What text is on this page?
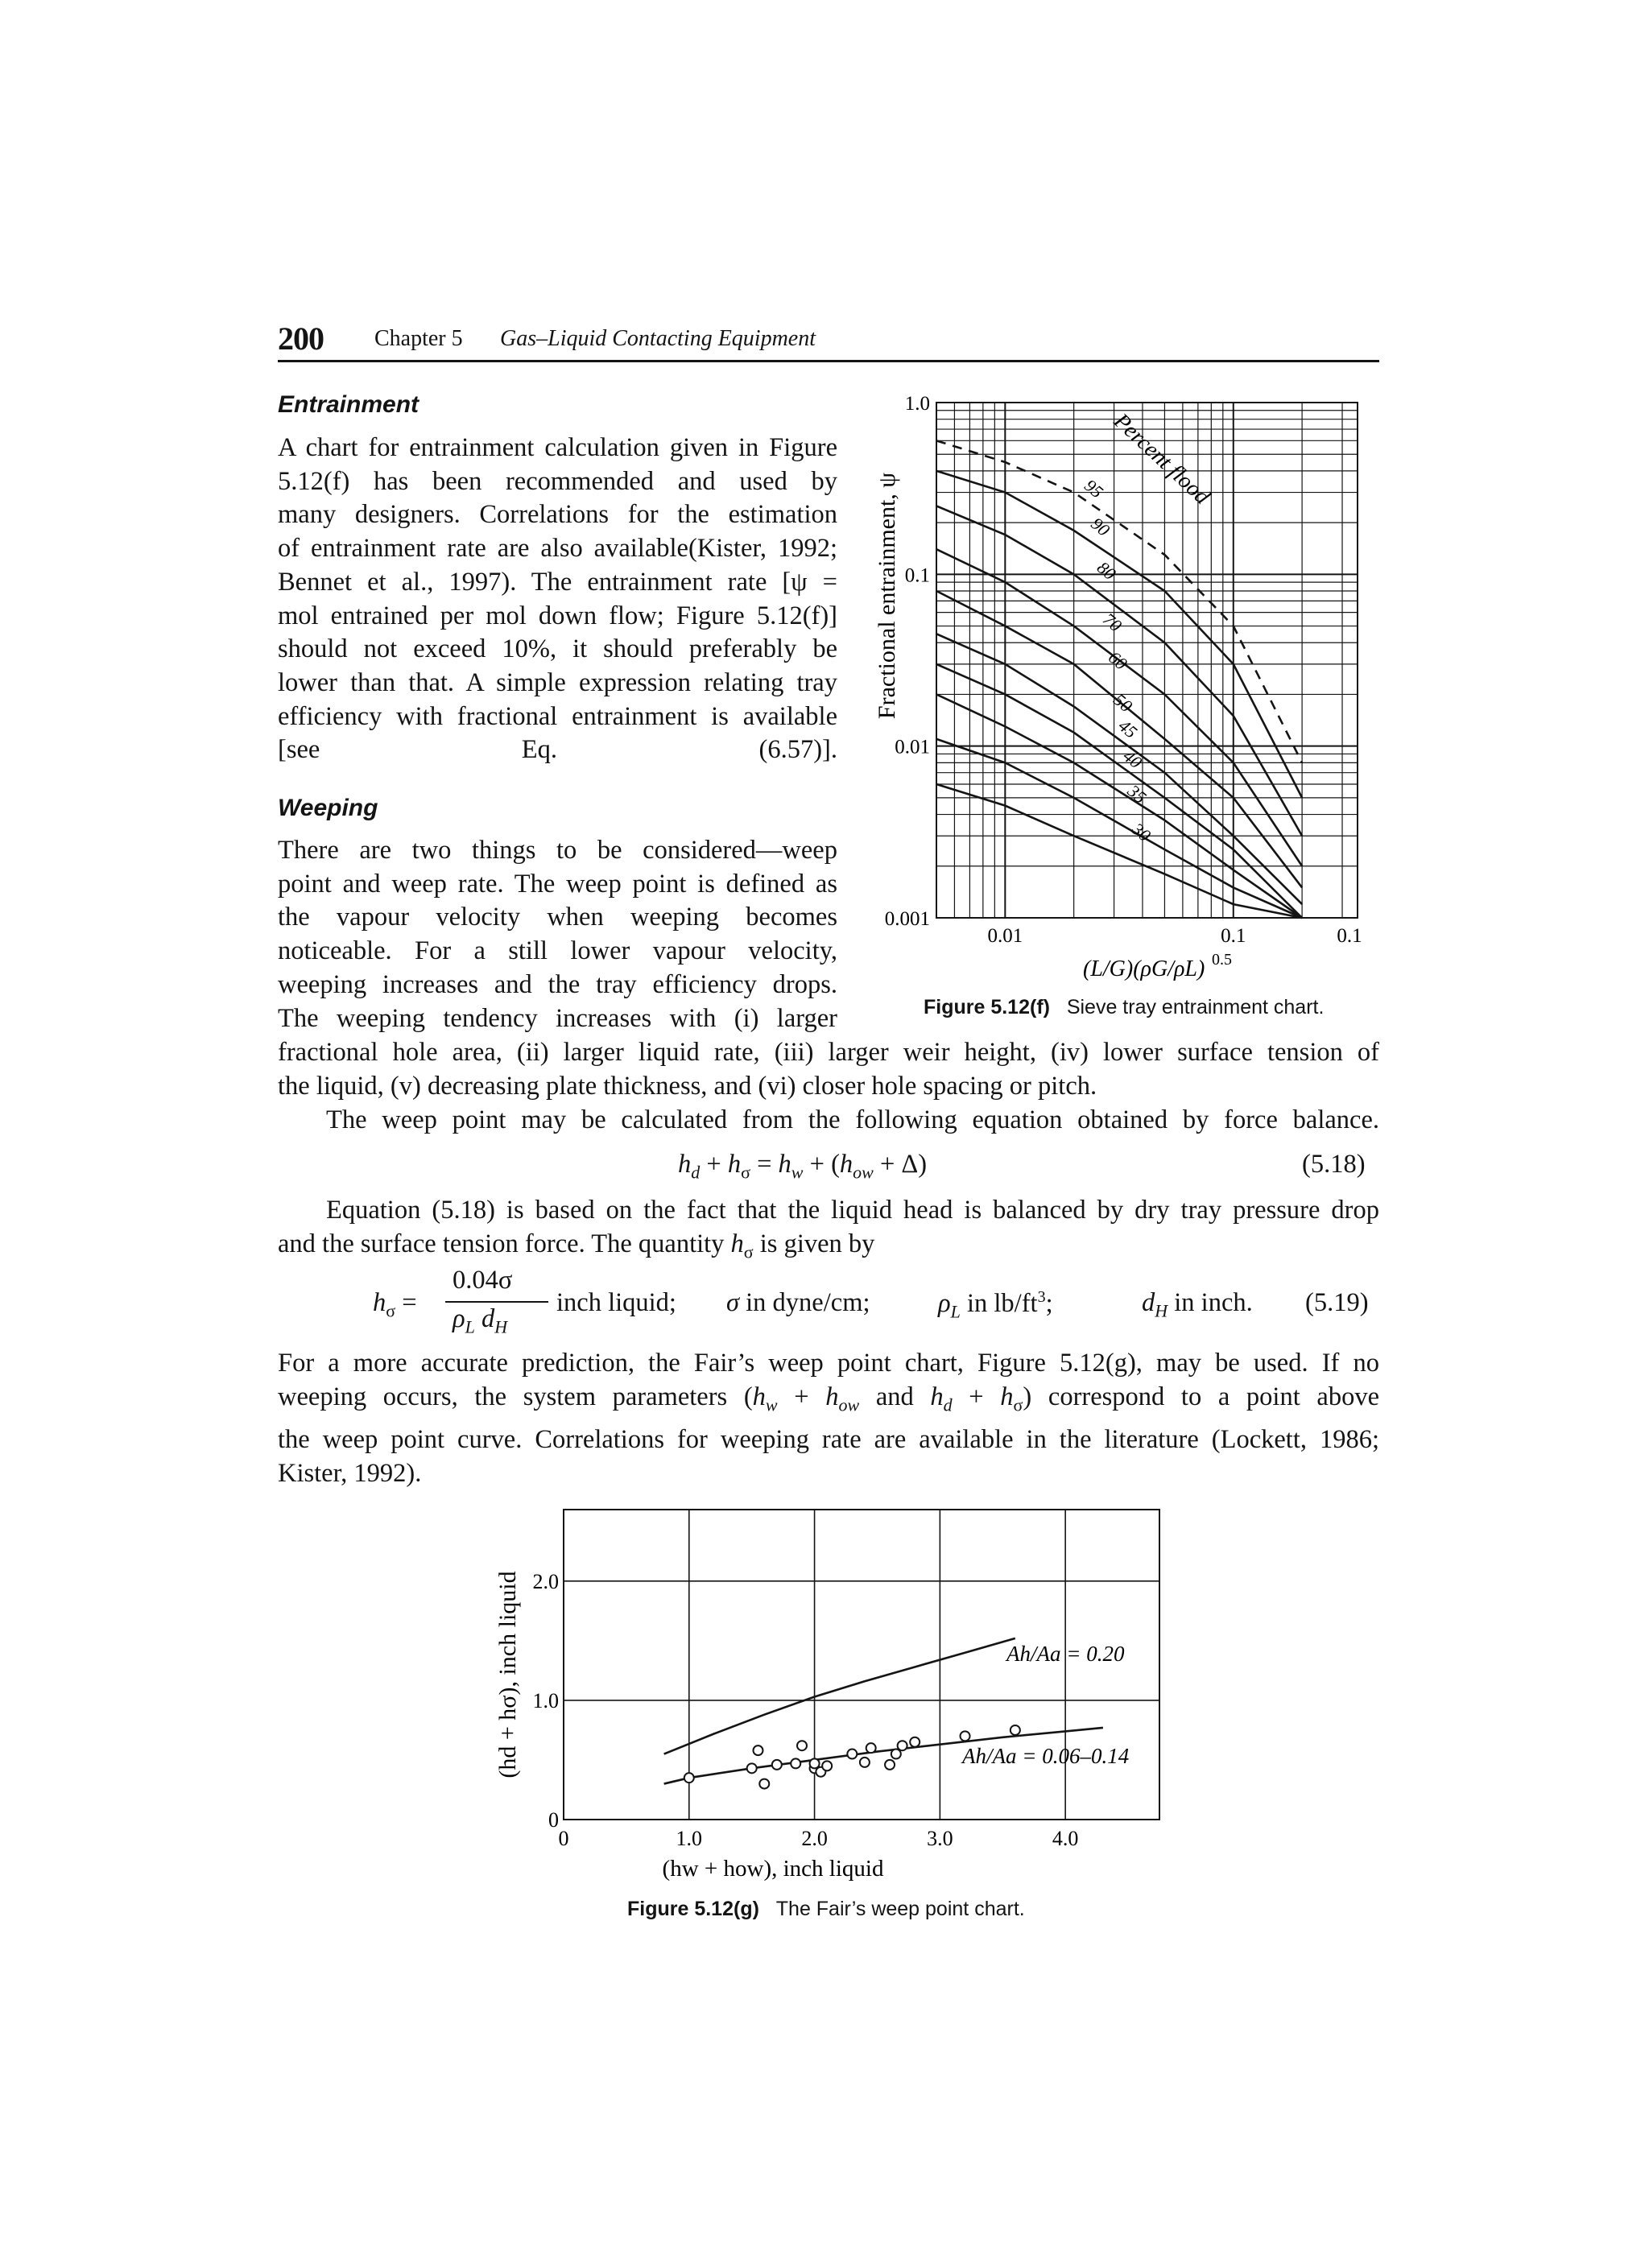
200 Chapter 5 Gas–Liquid Contacting Equipment
Entrainment
A chart for entrainment calculation given in Figure
5.12(f) has been recommended and used by
many designers. Correlations for the estimation
of entrainment rate are also available(Kister, 1992;
Bennet et al., 1997). The entrainment rate [ψ =
mol entrained per mol down flow; Figure 5.12(f)]
should not exceed 10%, it should preferably be
lower than that. A simple expression relating tray
efficiency with fractional entrainment is available
[see Eq. (6.57)].
Weeping
There are two things to be considered—weep
point and weep rate. The weep point is defined as
the vapour velocity when weeping becomes
noticeable. For a still lower vapour velocity,
weeping increases and the tray efficiency drops.
The weeping tendency increases with (i) larger
fractional hole area, (ii) larger liquid rate, (iii) larger weir height, (iv) lower surface tension of
the liquid, (v) decreasing plate thickness, and (vi) closer hole spacing or pitch.
The weep point may be calculated from the following equation obtained by force balance.
$h_d + h_\sigma = h_w + (h_{ow} + \Delta)$	(5.18)
Equation (5.18) is based on the fact that the liquid head is balanced by dry tray pressure drop
and the surface tension force. The quantity $h_\sigma$ is given by
$h_\sigma$ =
0.04σ
$\rho_L$ $d_H$
inch liquid; σ in dyne/cm;	$\rho_L$ in $lb/ft^3$;	$d_H$ in inch. (5.19)
For a more accurate prediction, the Fair’s weep point chart, Figure 5.12(g), may be used. If no
weeping occurs, the system parameters ($h_w + h_{ow}$ and $h_d + h_\sigma$) correspond to a point above
the weep point curve. Correlations for weeping rate are available in the literature (Lockett, 1986;
Kister, 1992).
95
90
80
70
60
50
45
40
35
30
1.0
0.1
0.01
0.001
0.01	0.1	0.1
Fractional entrainment, ψ
(L/G)(ρG/ρL) 0.5
Percent flood
Figure 5.12(f) Sieve tray entrainment chart.
0	1.0	2.0	3.0	4.0
0
1.0
2.0
(hd + hσ), inch liquid
(hw + how), inch liquid
Ah/Aa = 0.20
Ah/Aa = 0.06–0.14
Figure 5.12(g) The Fair’s weep point chart.
